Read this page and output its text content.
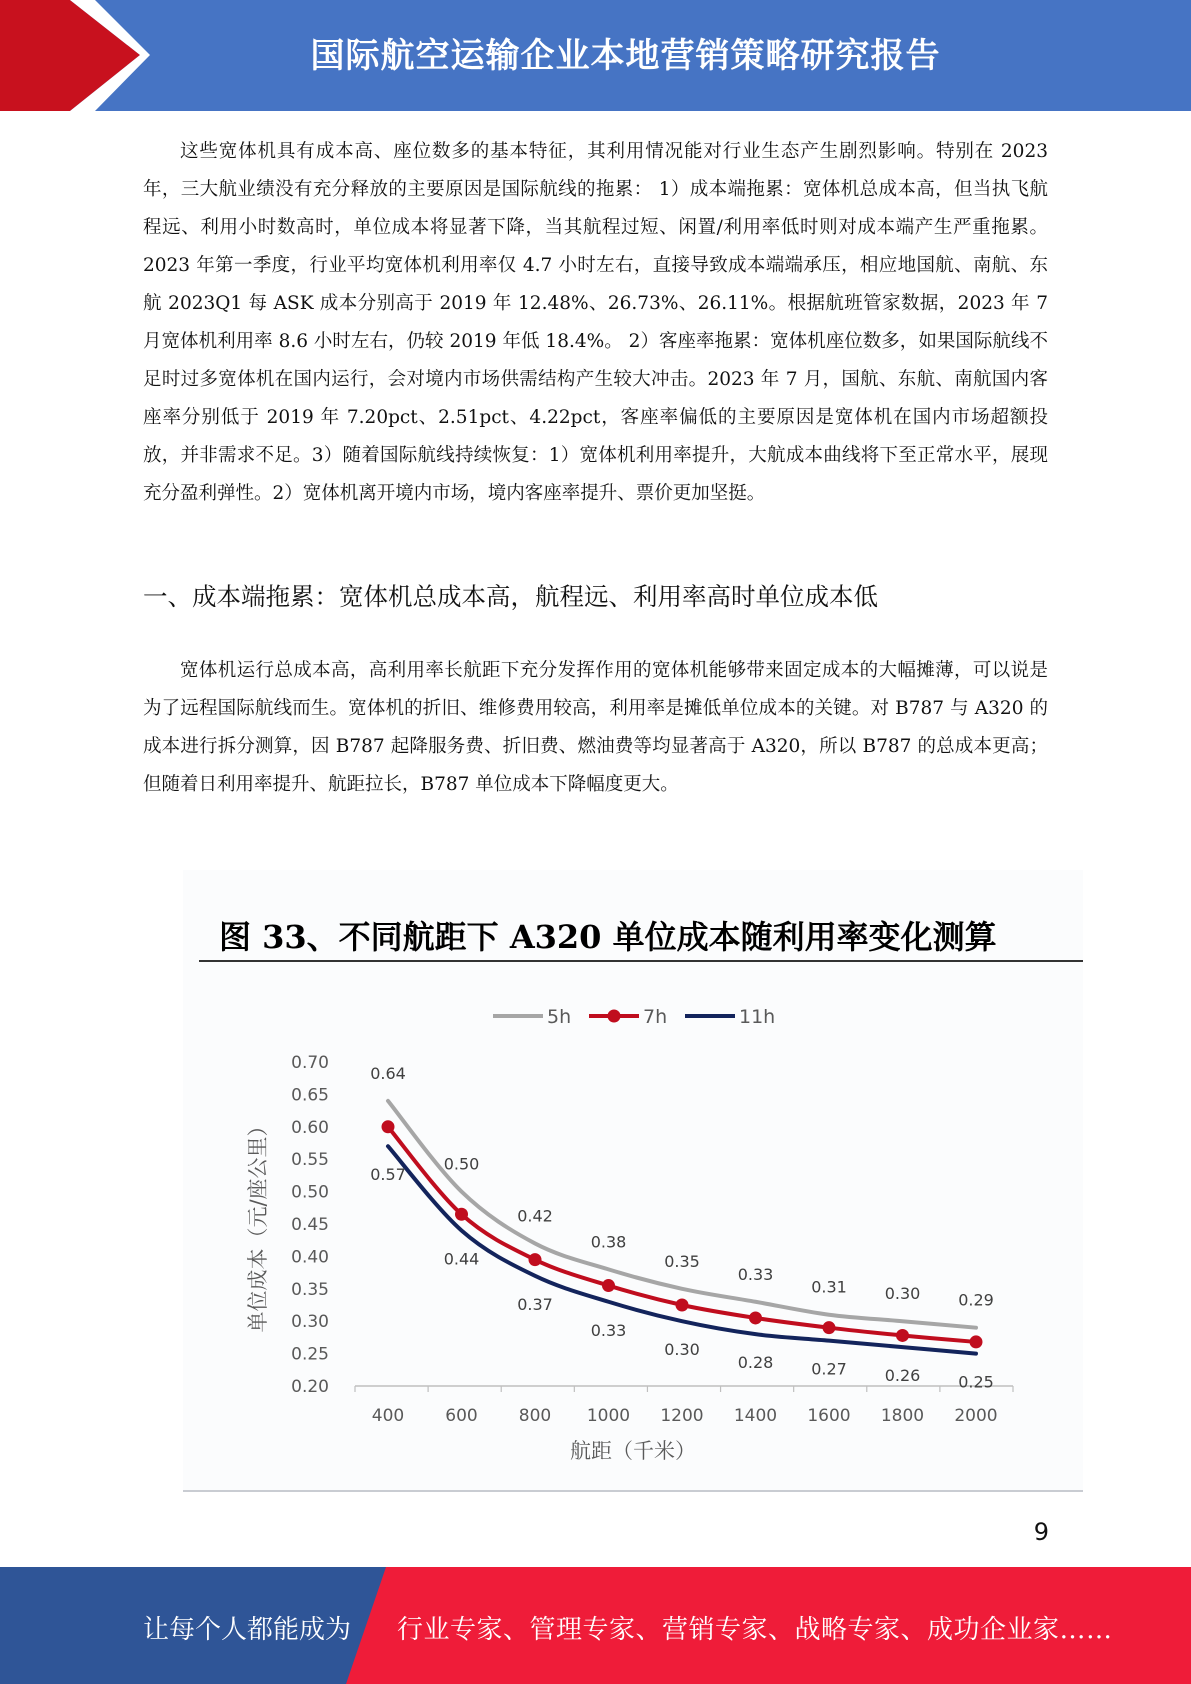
国际航空运输企业本地营销策略研究报告

这些宽体机具有成本高、座位数多的基本特征，其利用情况能对行业生态产生剧烈影响。特别在 2023 年，三大航业绩没有充分释放的主要原因是国际航线的拖累： 1）成本端拖累：宽体机总成本高，但当执飞航程远、利用小时数高时，单位成本将显著下降，当其航程过短、闲置/利用率低时则对成本端产生严重拖累。2023 年第一季度，行业平均宽体机利用率仅 4.7 小时左右，直接导致成本端端承压，相应地国航、南航、东航 2023Q1 每 ASK 成本分别高于 2019 年 12.48%、26.73%、26.11%。根据航班管家数据，2023 年 7 月宽体机利用率 8.6 小时左右，仍较 2019 年低 18.4%。 2）客座率拖累：宽体机座位数多，如果国际航线不足时过多宽体机在国内运行，会对境内市场供需结构产生较大冲击。2023 年 7 月，国航、东航、南航国内客座率分别低于 2019 年 7.20pct、2.51pct、4.22pct，客座率偏低的主要原因是宽体机在国内市场超额投放，并非需求不足。3）随着国际航线持续恢复：1）宽体机利用率提升，大航成本曲线将下至正常水平，展现充分盈利弹性。2）宽体机离开境内市场，境内客座率提升、票价更加坚挺。

一、成本端拖累：宽体机总成本高，航程远、利用率高时单位成本低

宽体机运行总成本高，高利用率长航距下充分发挥作用的宽体机能够带来固定成本的大幅摊薄，可以说是为了远程国际航线而生。宽体机的折旧、维修费用较高，利用率是摊低单位成本的关键。对 B787 与 A320 的成本进行拆分测算，因 B787 起降服务费、折旧费、燃油费等均显著高于 A320，所以 B787 的总成本更高；但随着日利用率提升、航距拉长，B787 单位成本下降幅度更大。

图 33、不同航距下 A320 单位成本随利用率变化测算
0.70
0.65
0.60
0.55
0.50
0.45
0.40
0.35
0.30
0.25
0.20
400 600 800 1000 1200 1400 1600 1800 2000
航距（千米）
单位成本（元/座公里）
0.64
0.50
0.42
0.38
0.35
0.33
0.31 0.30 0.29
0.57
0.44
0.37
0.33
0.30
0.28 0.27 0.26 0.25
5h	7h	11h
9
让每个人都能成为 行业专家、管理专家、营销专家、战略专家、成功企业家……
